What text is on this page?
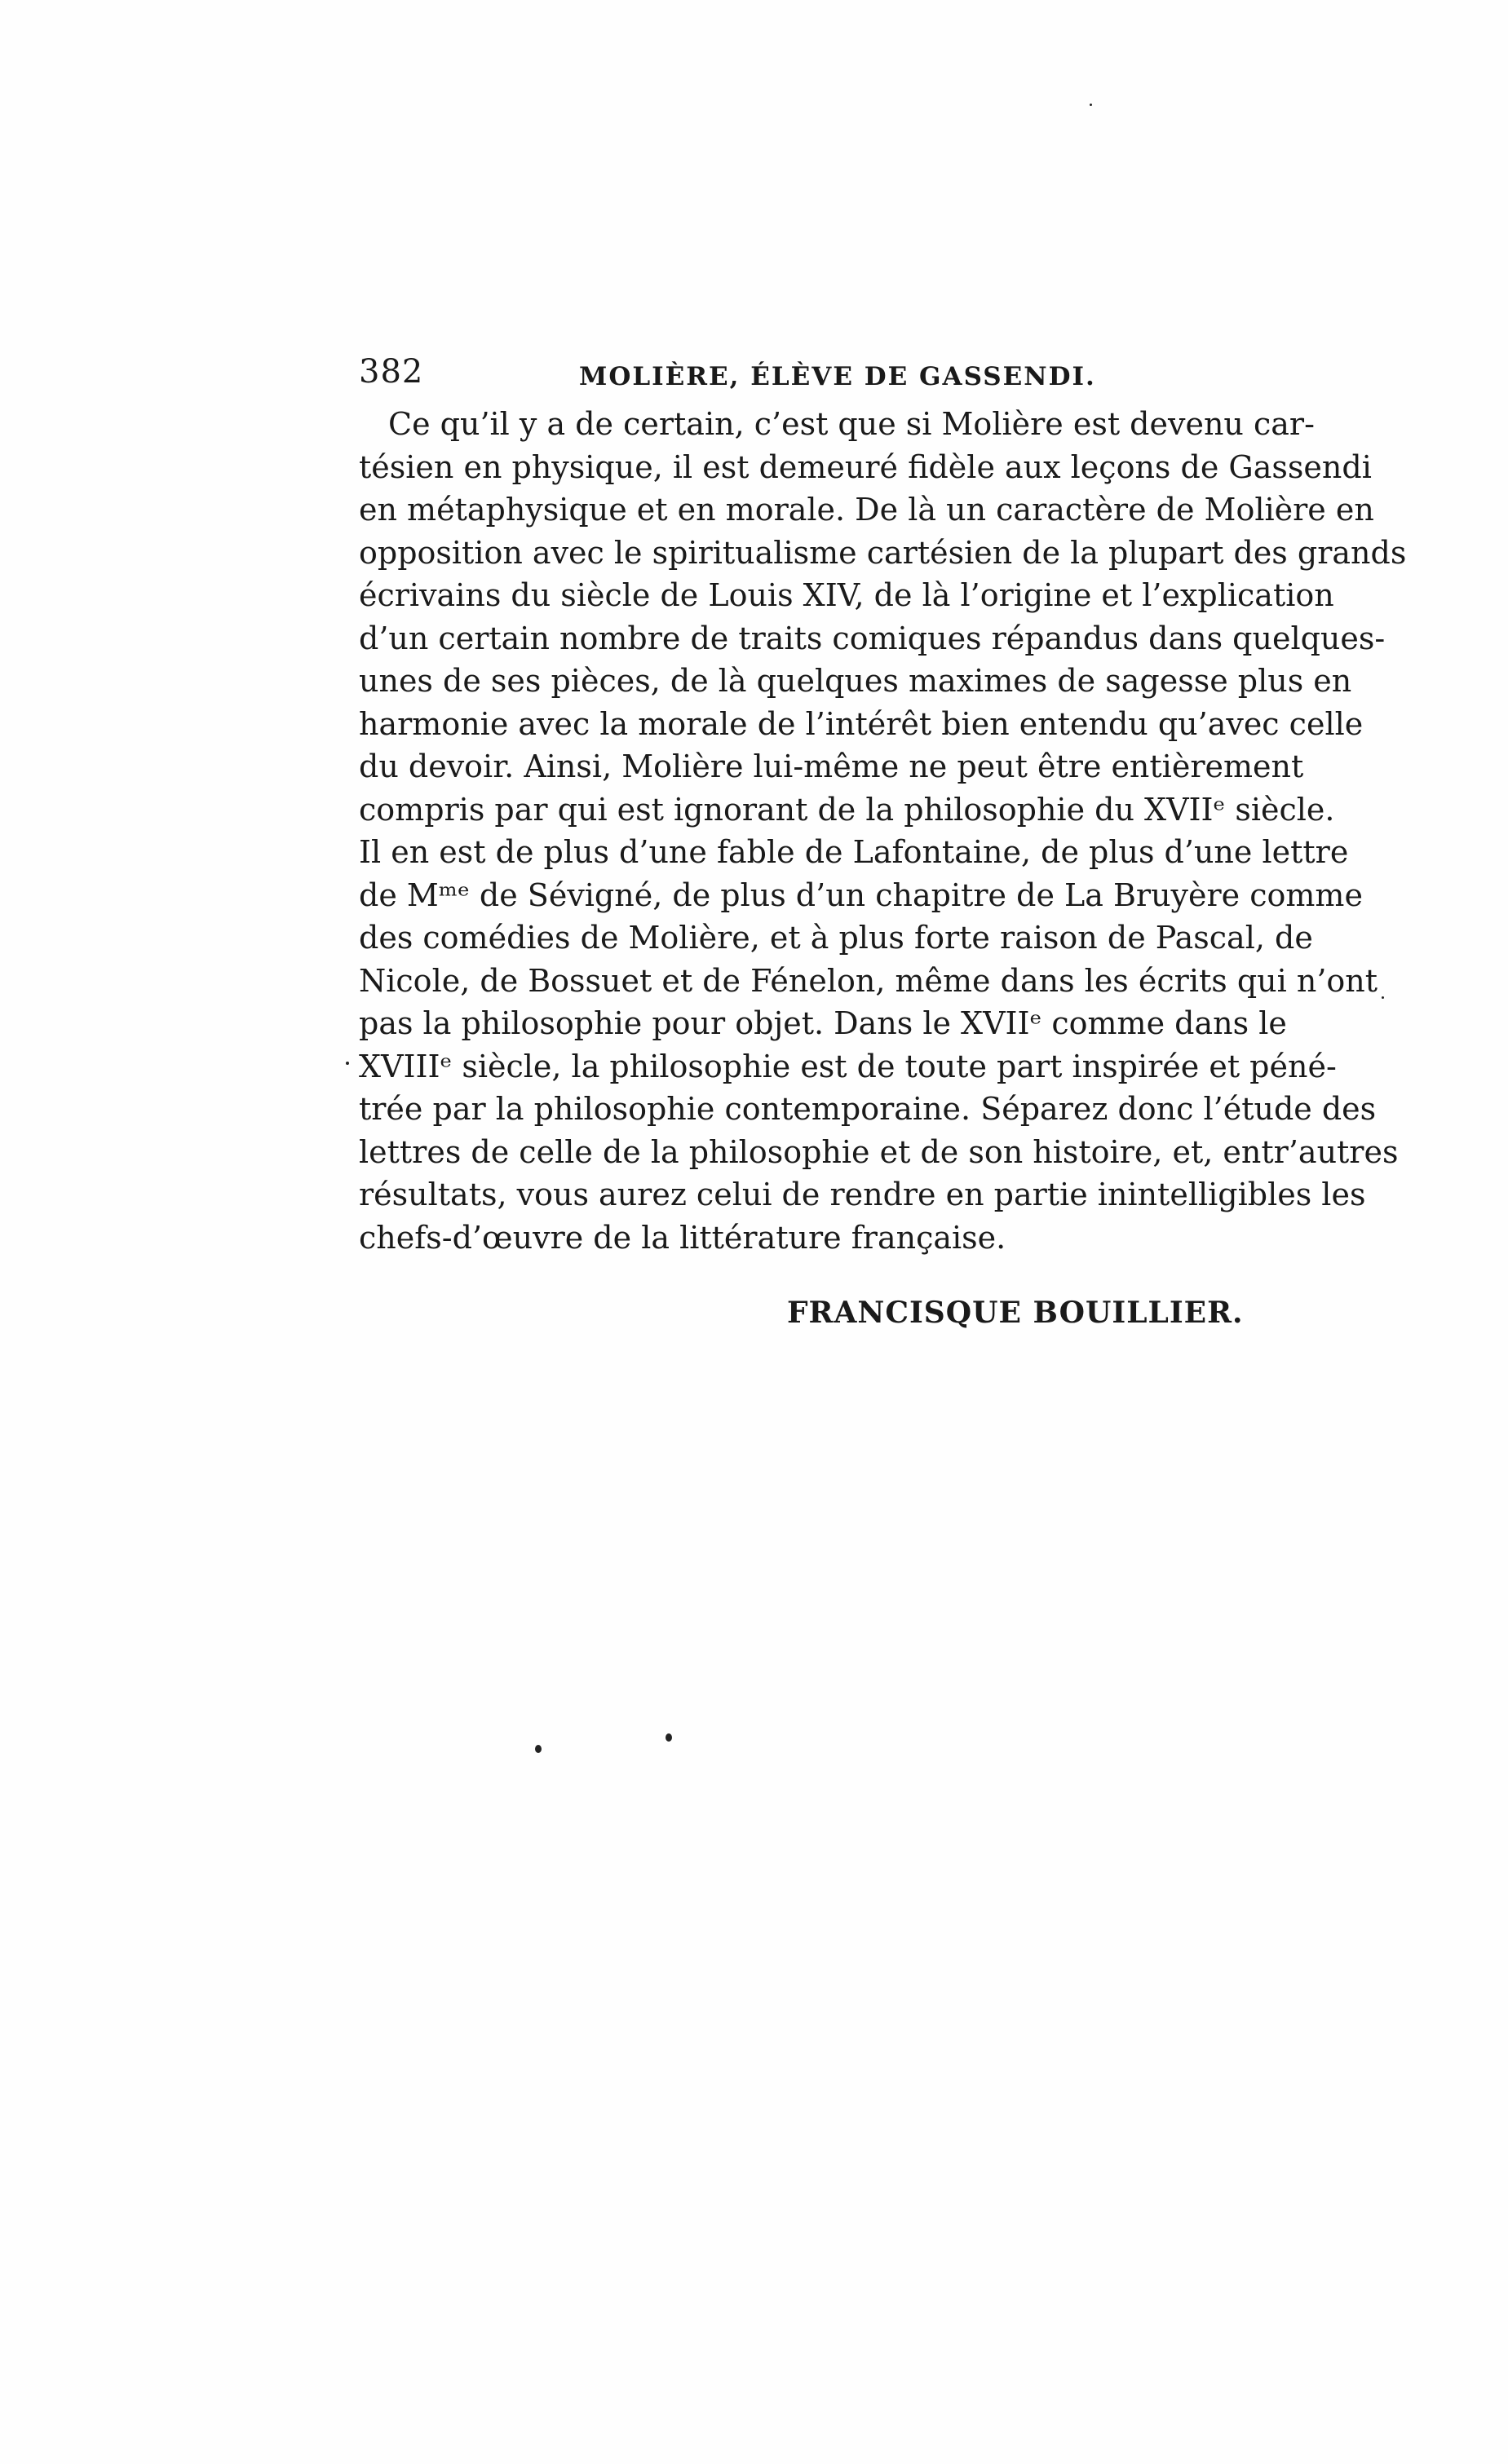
382	MOLIÈRE, ÉLÈVE DE GASSENDI.
Ce qu’il y a de certain, c’est que si Molière est devenu car-
tésien en physique, il est demeuré fidèle aux leçons de Gassendi
en métaphysique et en morale. De là un caractère de Molière en
opposition avec le spiritualisme cartésien de la plupart des grands
écrivains du siècle de Louis XIV, de là l’origine et l’explication
d’un certain nombre de traits comiques répandus dans quelques-
unes de ses pièces, de là quelques maximes de sagesse plus en
harmonie avec la morale de l’intérêt bien entendu qu’avec celle
du devoir. Ainsi, Molière lui-même ne peut être entièrement
compris par qui est ignorant de la philosophie du XVIIᵉ siècle.
Il en est de plus d’une fable de Lafontaine, de plus d’une lettre
de Mᵐᵉ de Sévigné, de plus d’un chapitre de La Bruyère comme
des comédies de Molière, et à plus forte raison de Pascal, de
Nicole, de Bossuet et de Fénelon, même dans les écrits qui n’ont
pas la philosophie pour objet. Dans le XVIIᵉ comme dans le
XVIIIᵉ siècle, la philosophie est de toute part inspirée et péné-
trée par la philosophie contemporaine. Séparez donc l’étude des
lettres de celle de la philosophie et de son histoire, et, entr’autres
résultats, vous aurez celui de rendre en partie inintelligibles les
chefs-d’œuvre de la littérature française.
FRANCISQUE BOUILLIER.
